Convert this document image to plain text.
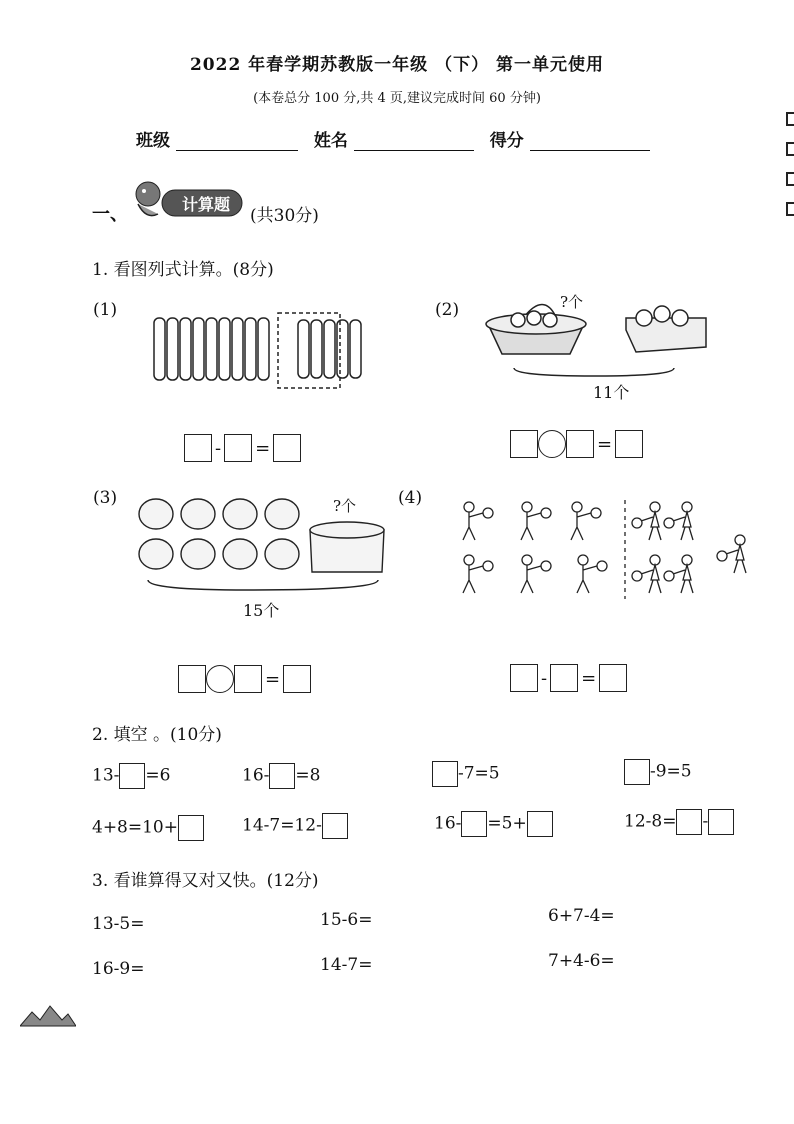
2022 年春学期苏教版一年级 （下） 第一单元使用
(本卷总分 100 分,共 4 页,建议完成时间 60 分钟)
班级	姓名	得分
一、	计算题
(共30分)
1. 看图列式计算。(8分)
(1)
- =
(2)	?个
11个
=
(3)	?个
15个
=
(4)
- =
2. 填空 。(10分)
13- =6	16- =8	-7=5	-9=5
4+8=10+	14-7=12-	16- =5+	12-8= -
3. 看谁算得又对又快。(12分)
13-5=	15-6=	6+7-4=
16-9=	14-7=	7+4-6=
